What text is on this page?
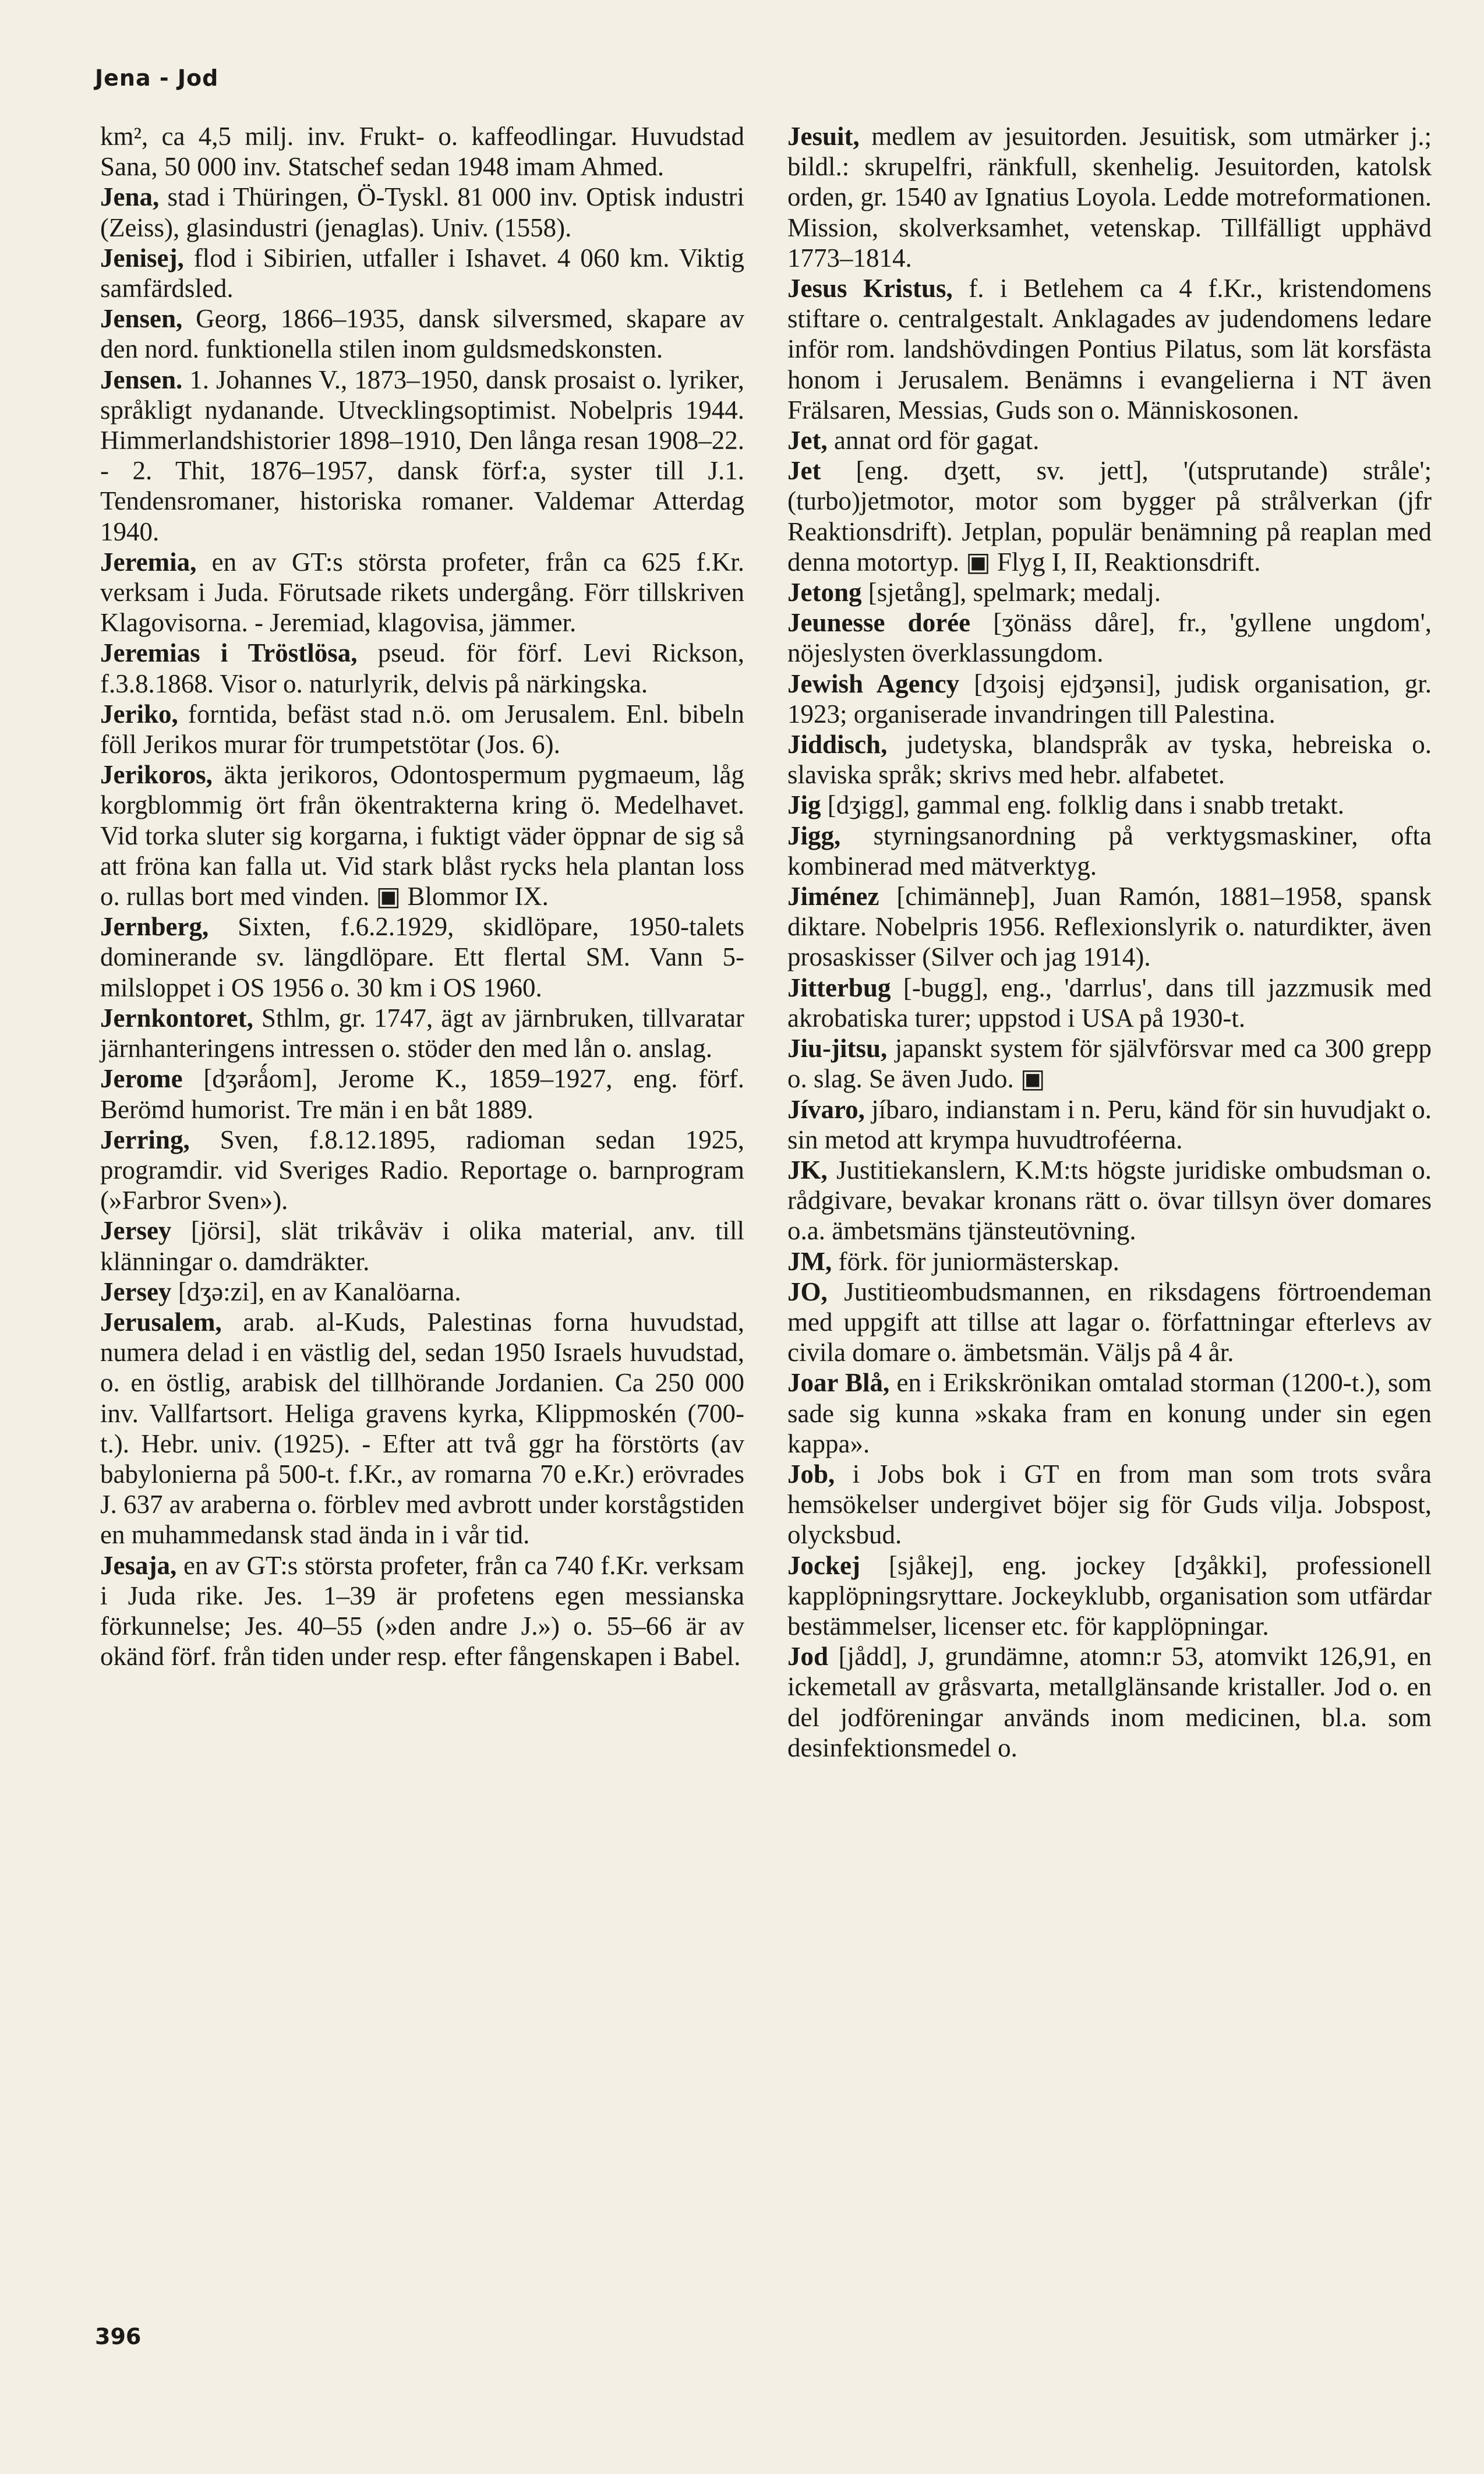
Jena - Jod

km², ca 4,5 milj. inv. Frukt- o. kaffeodlingar. Huvudstad Sana, 50 000 inv. Statschef sedan 1948 imam Ahmed.

Jena, stad i Thüringen, Ö-Tyskl. 81 000 inv. Optisk industri (Zeiss), glasindustri (jenaglas). Univ. (1558).

Jenisej, flod i Sibirien, utfaller i Ishavet. 4 060 km. Viktig samfärdsled.

Jensen, Georg, 1866–1935, dansk silversmed, skapare av den nord. funktionella stilen inom guldsmedskonsten.

Jensen. 1. Johannes V., 1873–1950, dansk prosaist o. lyriker, språkligt nydanande. Utvecklingsoptimist. Nobelpris 1944. Himmerlandshistorier 1898–1910, Den långa resan 1908–22. - 2. Thit, 1876–1957, dansk förf:a, syster till J.1. Tendensromaner, historiska romaner. Valdemar Atterdag 1940.

Jeremia, en av GT:s största profeter, från ca 625 f.Kr. verksam i Juda. Förutsade rikets undergång. Förr tillskriven Klagovisorna. - Jeremiad, klagovisa, jämmer.

Jeremias i Tröstlösa, pseud. för förf. Levi Rickson, f.3.8.1868. Visor o. naturlyrik, delvis på närkingska.

Jeriko, forntida, befäst stad n.ö. om Jerusalem. Enl. bibeln föll Jerikos murar för trumpetstötar (Jos. 6).

Jerikoros, äkta jerikoros, Odontospermum pygmaeum, låg korgblommig ört från ökentrakterna kring ö. Medelhavet. Vid torka sluter sig korgarna, i fuktigt väder öppnar de sig så att fröna kan falla ut. Vid stark blåst rycks hela plantan loss o. rullas bort med vinden. ▣ Blommor IX.

Jernberg, Sixten, f.6.2.1929, skidlöpare, 1950-talets dominerande sv. längdlöpare. Ett flertal SM. Vann 5-milsloppet i OS 1956 o. 30 km i OS 1960.

Jernkontoret, Sthlm, gr. 1747, ägt av järnbruken, tillvaratar järnhanteringens intressen o. stöder den med lån o. anslag.

Jerome [dʒərǻom], Jerome K., 1859–1927, eng. förf. Berömd humorist. Tre män i en båt 1889.

Jerring, Sven, f.8.12.1895, radioman sedan 1925, programdir. vid Sveriges Radio. Reportage o. barnprogram (»Farbror Sven»).

Jersey [jörsi], slät trikåväv i olika material, anv. till klänningar o. damdräkter.

Jersey [dʒə:zi], en av Kanalöarna.

Jerusalem, arab. al-Kuds, Palestinas forna huvudstad, numera delad i en västlig del, sedan 1950 Israels huvudstad, o. en östlig, arabisk del tillhörande Jordanien. Ca 250 000 inv. Vallfartsort. Heliga gravens kyrka, Klippmoskén (700-t.). Hebr. univ. (1925). - Efter att två ggr ha förstörts (av babylonierna på 500-t. f.Kr., av romarna 70 e.Kr.) erövrades J. 637 av araberna o. förblev med avbrott under korstågstiden en muhammedansk stad ända in i vår tid.

Jesaja, en av GT:s största profeter, från ca 740 f.Kr. verksam i Juda rike. Jes. 1–39 är profetens egen messianska förkunnelse; Jes. 40–55 (»den andre J.») o. 55–66 är av okänd förf. från tiden under resp. efter fångenskapen i Babel.

Jesuit, medlem av jesuitorden. Jesuitisk, som utmärker j.; bildl.: skrupelfri, ränkfull, skenhelig. Jesuitorden, katolsk orden, gr. 1540 av Ignatius Loyola. Ledde motreformationen. Mission, skolverksamhet, vetenskap. Tillfälligt upphävd 1773–1814.

Jesus Kristus, f. i Betlehem ca 4 f.Kr., kristendomens stiftare o. centralgestalt. Anklagades av judendomens ledare inför rom. landshövdingen Pontius Pilatus, som lät korsfästa honom i Jerusalem. Benämns i evangelierna i NT även Frälsaren, Messias, Guds son o. Människosonen.

Jet, annat ord för gagat.

Jet [eng. dʒett, sv. jett], '(utsprutande) stråle'; (turbo)jetmotor, motor som bygger på strålverkan (jfr Reaktionsdrift). Jetplan, populär benämning på reaplan med denna motortyp. ▣ Flyg I, II, Reaktionsdrift.

Jetong [sjetång], spelmark; medalj.

Jeunesse dorée [ʒönäss dåre], fr., 'gyllene ungdom', nöjeslysten överklassungdom.

Jewish Agency [dʒoisj ejdʒənsi], judisk organisation, gr. 1923; organiserade invandringen till Palestina.

Jiddisch, judetyska, blandspråk av tyska, hebreiska o. slaviska språk; skrivs med hebr. alfabetet.

Jig [dʒigg], gammal eng. folklig dans i snabb tretakt.

Jigg, styrningsanordning på verktygsmaskiner, ofta kombinerad med mätverktyg.

Jiménez [chimänneþ], Juan Ramón, 1881–1958, spansk diktare. Nobelpris 1956. Reflexionslyrik o. naturdikter, även prosaskisser (Silver och jag 1914).

Jitterbug [-bugg], eng., 'darrlus', dans till jazzmusik med akrobatiska turer; uppstod i USA på 1930-t.

Jiu-jitsu, japanskt system för självförsvar med ca 300 grepp o. slag. Se även Judo. ▣

Jívaro, jíbaro, indianstam i n. Peru, känd för sin huvudjakt o. sin metod att krympa huvudtroféerna.

JK, Justitiekanslern, K.M:ts högste juridiske ombudsman o. rådgivare, bevakar kronans rätt o. övar tillsyn över domares o.a. ämbetsmäns tjänsteutövning.

JM, förk. för juniormästerskap.

JO, Justitieombudsmannen, en riksdagens förtroendeman med uppgift att tillse att lagar o. författningar efterlevs av civila domare o. ämbetsmän. Väljs på 4 år.

Joar Blå, en i Erikskrönikan omtalad storman (1200-t.), som sade sig kunna »skaka fram en konung under sin egen kappa».

Job, i Jobs bok i GT en from man som trots svåra hemsökelser undergivet böjer sig för Guds vilja. Jobspost, olycksbud.

Jockej [sjåkej], eng. jockey [dʒåkki], professionell kapplöpningsryttare. Jockeyklubb, organisation som utfärdar bestämmelser, licenser etc. för kapplöpningar.

Jod [jådd], J, grundämne, atomn:r 53, atomvikt 126,91, en ickemetall av gråsvarta, metallglänsande kristaller. Jod o. en del jodföreningar används inom medicinen, bl.a. som desinfektionsmedel o.

396
